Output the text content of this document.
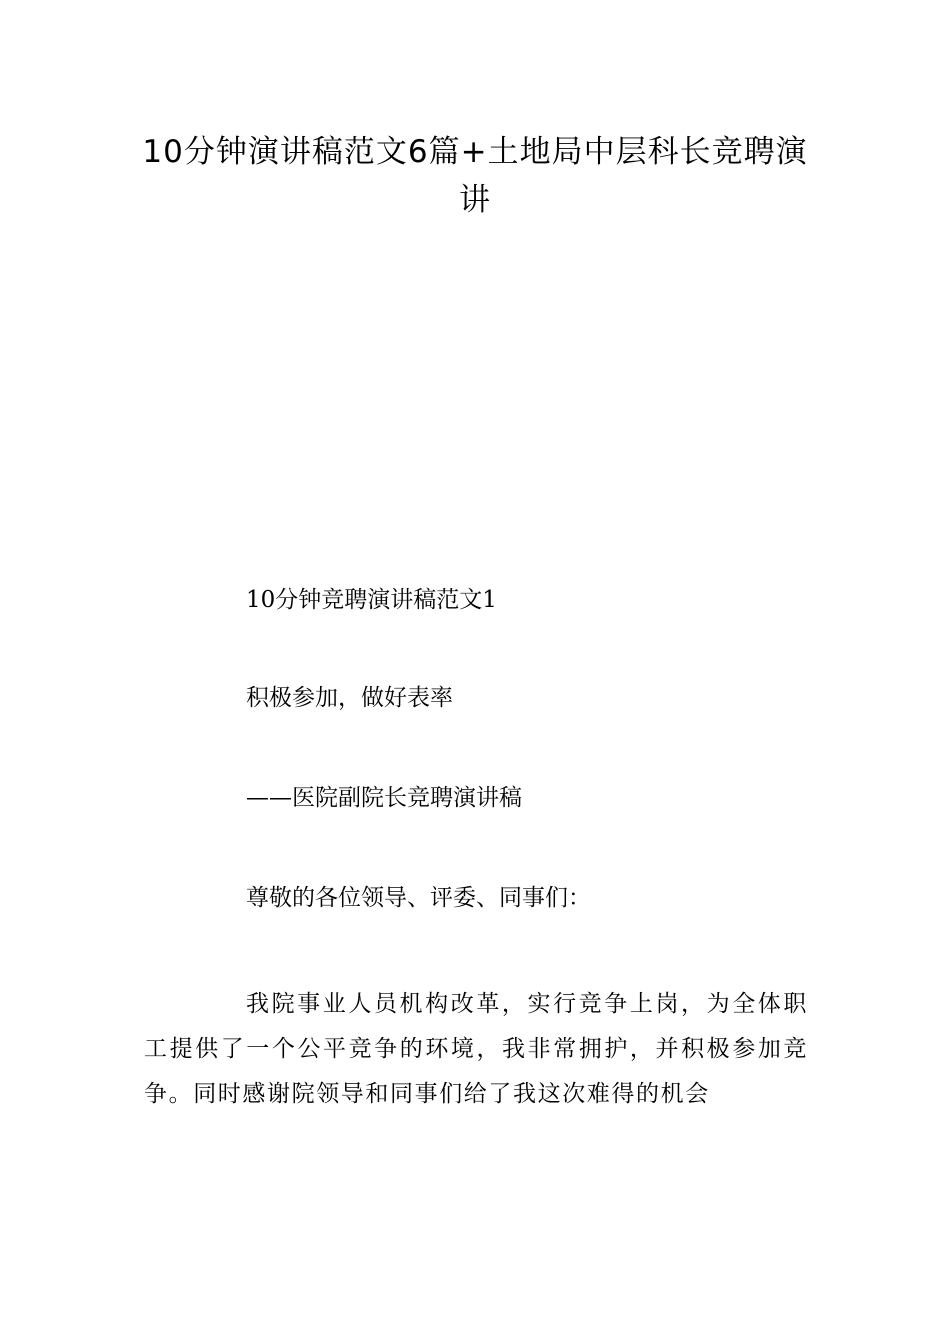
10分钟演讲稿范文6篇+土地局中层科长竞聘演讲

10分钟竞聘演讲稿范文1

积极参加，做好表率

——医院副院长竞聘演讲稿

尊敬的各位领导、评委、同事们：

我院事业人员机构改革，实行竞争上岗，为全体职工提供了一个公平竞争的环境，我非常拥护，并积极参加竞争。同时感谢院领导和同事们给了我这次难得的机会
